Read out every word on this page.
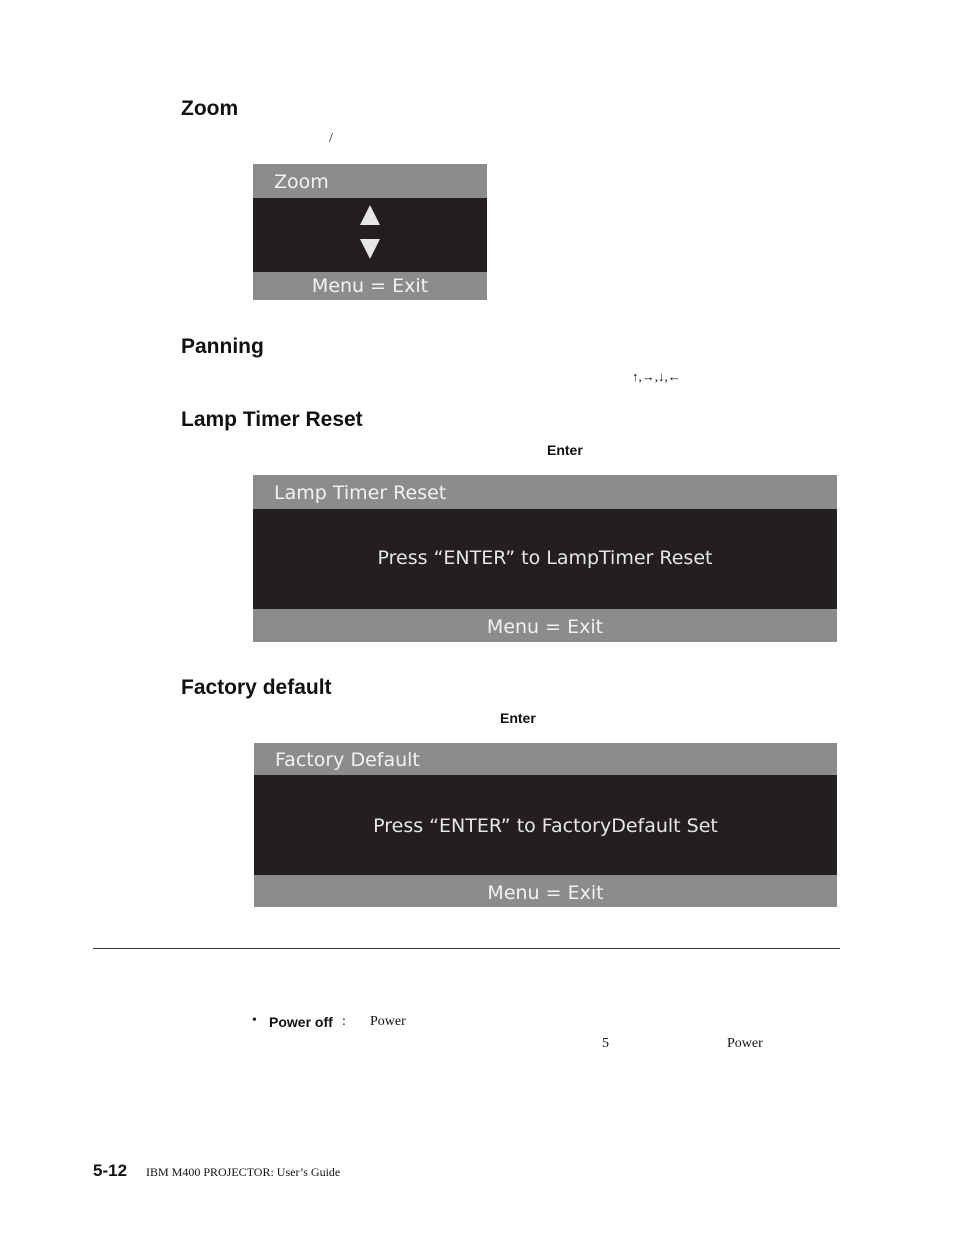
Zoom
/
Zoom
Menu = Exit
Panning
↑,→,↓,←
Lamp Timer Reset
Enter
Lamp Timer Reset
Press “ENTER” to LampTimer Reset
Menu = Exit
Factory default
Enter
Factory Default
Press “ENTER” to FactoryDefault Set
Menu = Exit
• Power off : Power
5	Power
5-12 IBM M400 PROJECTOR: User’s Guide
